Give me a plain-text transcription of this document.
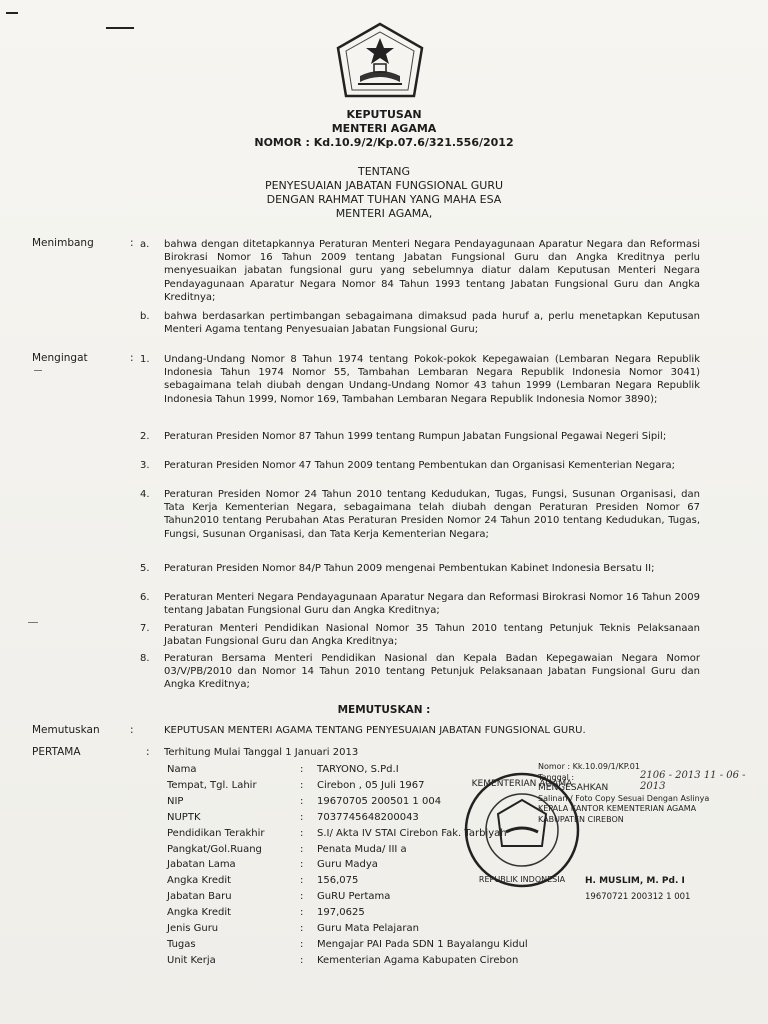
KEPUTUSAN
MENTERI AGAMA
NOMOR : Kd.10.9/2/Kp.07.6/321.556/2012
TENTANG
PENYESUAIAN JABATAN FUNGSIONAL GURU
DENGAN RAHMAT TUHAN YANG MAHA ESA
MENTERI AGAMA,
Menimbang	: a.	bahwa dengan ditetapkannya Peraturan Menteri Negara Pendayagunaan Aparatur Negara dan Reformasi Birokrasi Nomor 16 Tahun 2009 tentang Jabatan Fungsional Guru dan Angka Kreditnya perlu menyesuaikan jabatan fungsional guru yang sebelumnya diatur dalam Keputusan Menteri Negara Pendayagunaan Aparatur Negara Nomor 84 Tahun 1993 tentang Jabatan Fungsional Guru dan Angka Kreditnya;
b.	bahwa berdasarkan pertimbangan sebagaimana dimaksud pada huruf a, perlu menetapkan Keputusan Menteri Agama tentang Penyesuaian Jabatan Fungsional Guru;
Mengingat	: 1.	Undang-Undang Nomor 8 Tahun 1974 tentang Pokok-pokok Kepegawaian (Lembaran Negara Republik Indonesia Tahun 1974 Nomor 55, Tambahan Lembaran Negara Republik Indonesia Nomor 3041) sebagaimana telah diubah dengan Undang-Undang Nomor 43 tahun 1999 (Lembaran Negara Republik Indonesia Tahun 1999, Nomor 169, Tambahan Lembaran Negara Republik Indonesia Nomor 3890);
2.	Peraturan Presiden Nomor 87 Tahun 1999 tentang Rumpun Jabatan Fungsional Pegawai Negeri Sipil;
3.	Peraturan Presiden Nomor 47 Tahun 2009 tentang Pembentukan dan Organisasi Kementerian Negara;
4.	Peraturan Presiden Nomor 24 Tahun 2010 tentang Kedudukan, Tugas, Fungsi, Susunan Organisasi, dan Tata Kerja Kementerian Negara, sebagaimana telah diubah dengan Peraturan Presiden Nomor 67 Tahun2010 tentang Perubahan Atas Peraturan Presiden Nomor 24 Tahun 2010 tentang Kedudukan, Tugas, Fungsi, Susunan Organisasi, dan Tata Kerja Kementerian Negara;
5.	Peraturan Presiden Nomor 84/P Tahun 2009 mengenai Pembentukan Kabinet Indonesia Bersatu II;
6.	Peraturan Menteri Negara Pendayagunaan Aparatur Negara dan Reformasi Birokrasi Nomor 16 Tahun 2009 tentang Jabatan Fungsional Guru dan Angka Kreditnya;
7.	Peraturan Menteri Pendidikan Nasional Nomor 35 Tahun 2010 tentang Petunjuk Teknis Pelaksanaan Jabatan Fungsional Guru dan Angka Kreditnya;
8.	Peraturan Bersama Menteri Pendidikan Nasional dan Kepala Badan Kepegawaian Negara Nomor 03/V/PB/2010 dan Nomor 14 Tahun 2010 tentang Petunjuk Pelaksanaan Jabatan Fungsional Guru dan Angka Kreditnya;
MEMUTUSKAN :
Memutuskan	:	KEPUTUSAN MENTERI AGAMA TENTANG PENYESUAIAN JABATAN FUNGSIONAL GURU.
PERTAMA	: Terhitung Mulai Tanggal 1 Januari 2013
Nama	: TARYONO, S.Pd.I
Tempat, Tgl. Lahir	: Cirebon , 05 Juli 1967
NIP	: 19670705 200501 1 004
NUPTK	: 7037745648200043
Pendidikan Terakhir	: S.I/ Akta IV STAI Cirebon Fak. Tarbiyah
Pangkat/Gol.Ruang	: Penata Muda/ III a
Jabatan Lama	: Guru Madya
Angka Kredit	: 156,075
Jabatan Baru	: GuRU Pertama
Angka Kredit	: 197,0625
Jenis Guru	: Guru Mata Pelajaran
Tugas	: Mengajar PAI Pada SDN 1 Bayalangu Kidul
Unit Kerja	: Kementerian Agama Kabupaten Cirebon
KEMENTERIAN AGAMA
REPUBLIK INDONESIA
Nomor : Kk.10.09/1/KP.01
Tanggal :
MENGESAHKAN
Salinan / Foto Copy Sesuai Dengan Aslinya
KEPALA KANTOR KEMENTERIAN AGAMA
KABUPATEN CIREBON
2106 - 2013 11 - 06 - 2013
H. MUSLIM, M. Pd. I
19670721 200312 1 001
